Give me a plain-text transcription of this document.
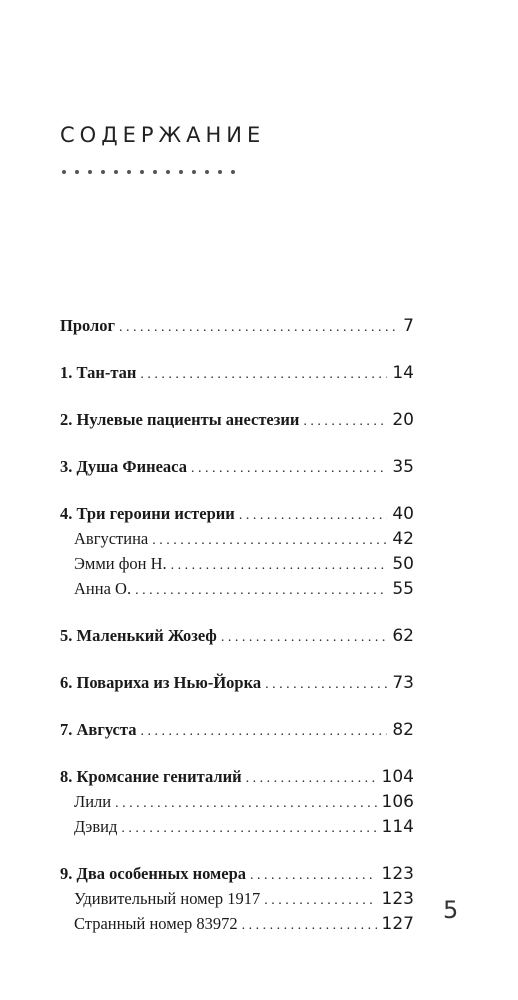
содержание
Пролог . . .	7
1. Тан-тан . . .	14
2. Нулевые пациенты анестезии . . .	20
3. Душа Финеаса . . .	35
4. Три героини истерии . . .	40
Августина . . .	42
Эмми фон Н. . . .	50
Анна О. . . .	55
5. Маленький Жозеф . . .	62
6. Повариха из Нью-Йорка . . .	73
7. Августа . . .	82
8. Кромсание гениталий . . .	104
Лили . . .	106
Дэвид . . .	114
9. Два особенных номера . . .	123
Удивительный номер 1917 . . .	123
Странный номер 83972 . . .	127 5
